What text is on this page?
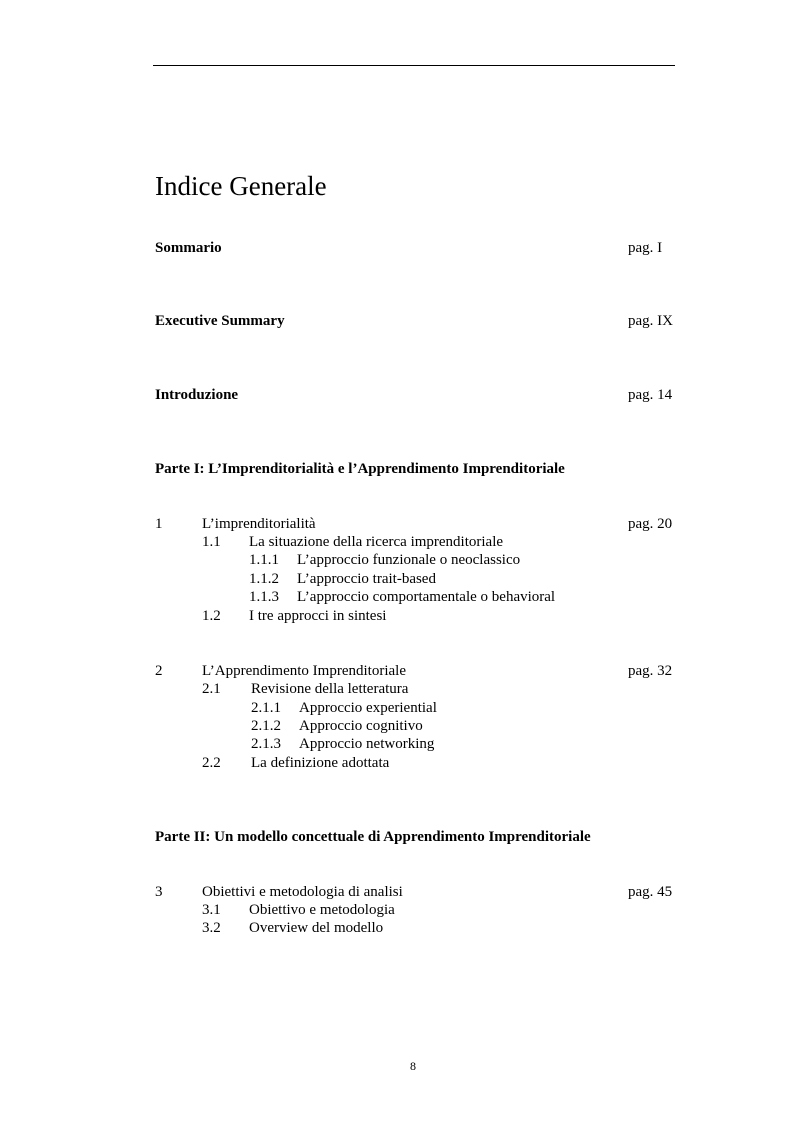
Indice Generale
Sommario	pag. I
Executive Summary	pag. IX
Introduzione	pag. 14
Parte I: L’Imprenditorialità e l’Apprendimento Imprenditoriale
1	L’imprenditorialità	pag. 20
1.1 La situazione della ricerca imprenditoriale
1.1.1 L’approccio funzionale o neoclassico
1.1.2 L’approccio trait-based
1.1.3 L’approccio comportamentale o behavioral
1.2 I tre approcci in sintesi
2	L’Apprendimento Imprenditoriale	pag. 32
2.1 Revisione della letteratura
2.1.1 Approccio experiential
2.1.2 Approccio cognitivo
2.1.3 Approccio networking
2.2 La definizione adottata
Parte II: Un modello concettuale di Apprendimento Imprenditoriale
3	Obiettivi e metodologia di analisi	pag. 45
3.1 Obiettivo e metodologia
3.2 Overview del modello
8
